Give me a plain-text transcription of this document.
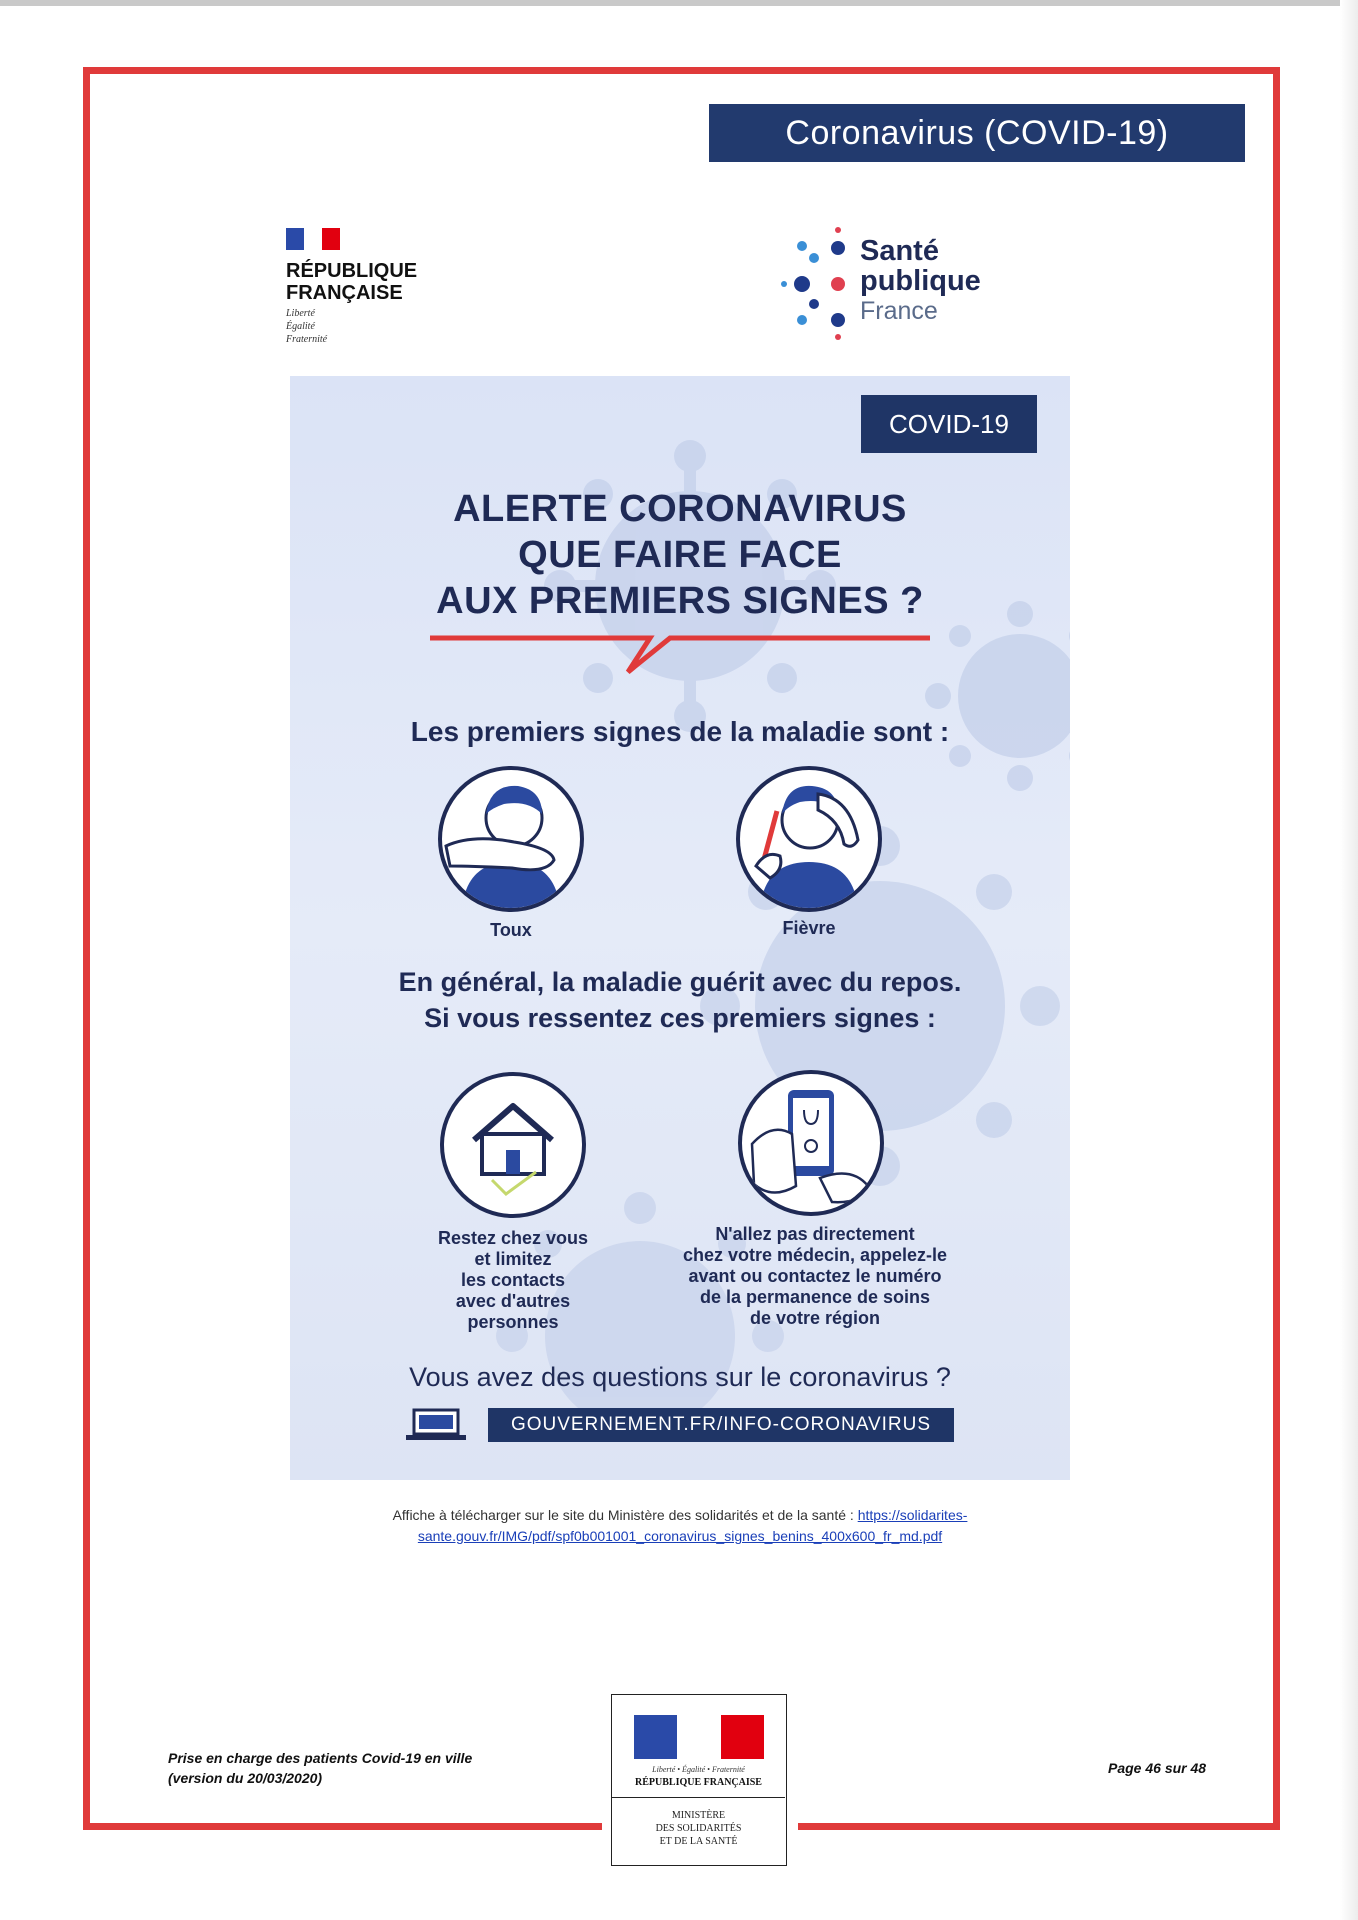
Coronavirus (COVID-19)
RÉPUBLIQUE
FRANÇAISE
Liberté
Égalité
Fraternité
Santé
publique
France
COVID-19
ALERTE CORONAVIRUS
QUE FAIRE FACE
AUX PREMIERS SIGNES ?
Les premiers signes de la maladie sont :
Toux	Fièvre
En général, la maladie guérit avec du repos.
Si vous ressentez ces premiers signes :
Restez chez vous
et limitez
les contacts
avec d'autres
personnes
N'allez pas directement
chez votre médecin, appelez-le
avant ou contactez le numéro
de la permanence de soins
de votre région
Vous avez des questions sur le coronavirus ?
GOUVERNEMENT.FR/INFO-CORONAVIRUS
Affiche à télécharger sur le site du Ministère des solidarités et de la santé : https://solidarites-
sante.gouv.fr/IMG/pdf/spf0b001001_coronavirus_signes_benins_400x600_fr_md.pdf
Prise en charge des patients Covid-19 en ville
(version du 20/03/2020)
Page 46 sur 48
Liberté • Égalité • Fraternité
RÉPUBLIQUE FRANÇAISE
MINISTÈRE
DES SOLIDARITÉS
ET DE LA SANTÉ
